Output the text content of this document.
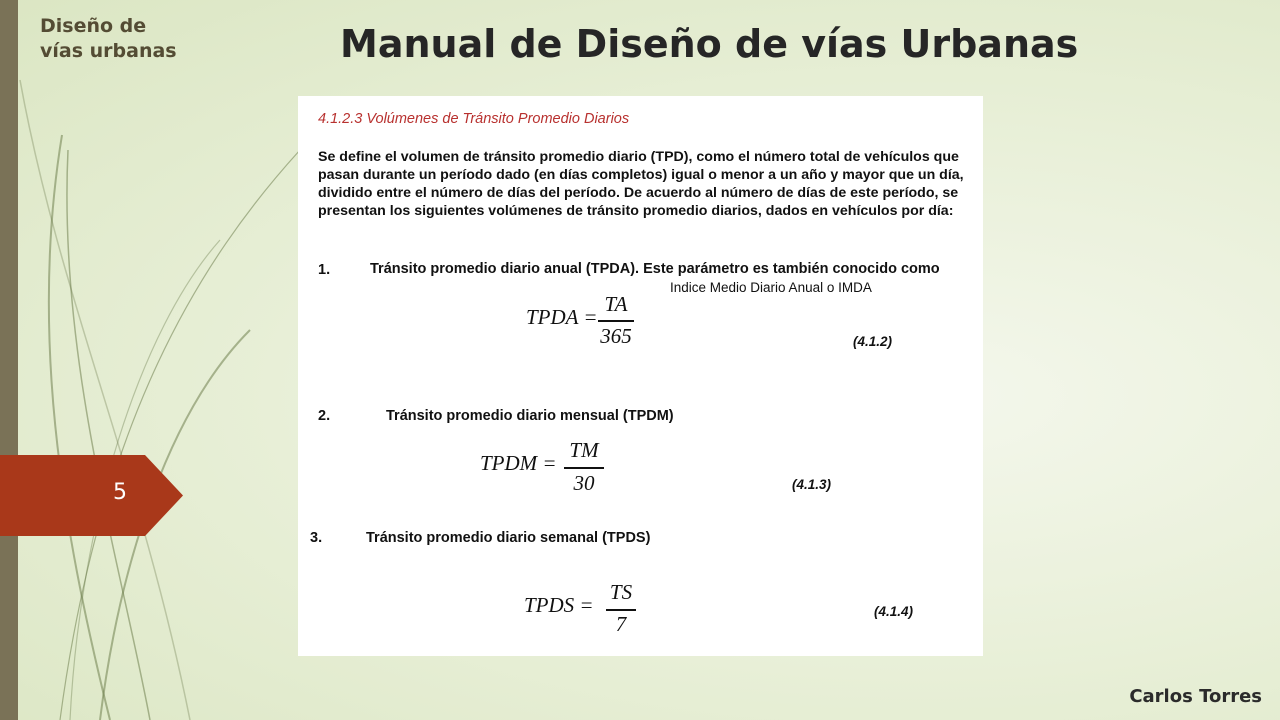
Diseño de
vías urbanas	Manual de Diseño de vías Urbanas
5
4.1.2.3 Volúmenes de Tránsito Promedio Diarios
Se define el volumen de tránsito promedio diario (TPD), como el número total de vehículos que pasan durante un período dado (en días completos) igual o menor a un año y mayor que un día, dividido entre el número de días del período. De acuerdo al número de días de este período, se presentan los siguientes volúmenes de tránsito promedio diarios, dados en vehículos por día:
1.	Tránsito promedio diario anual (TPDA). Este parámetro es también conocido como
Indice Medio Diario Anual o IMDA
TPDA =
TA
365	(4.1.2)
2.	Tránsito promedio diario mensual (TPDM)
TPDM =
TM
30	(4.1.3)
3.	Tránsito promedio diario semanal (TPDS)
TPDS =
TS
7
(4.1.4)
Carlos Torres
